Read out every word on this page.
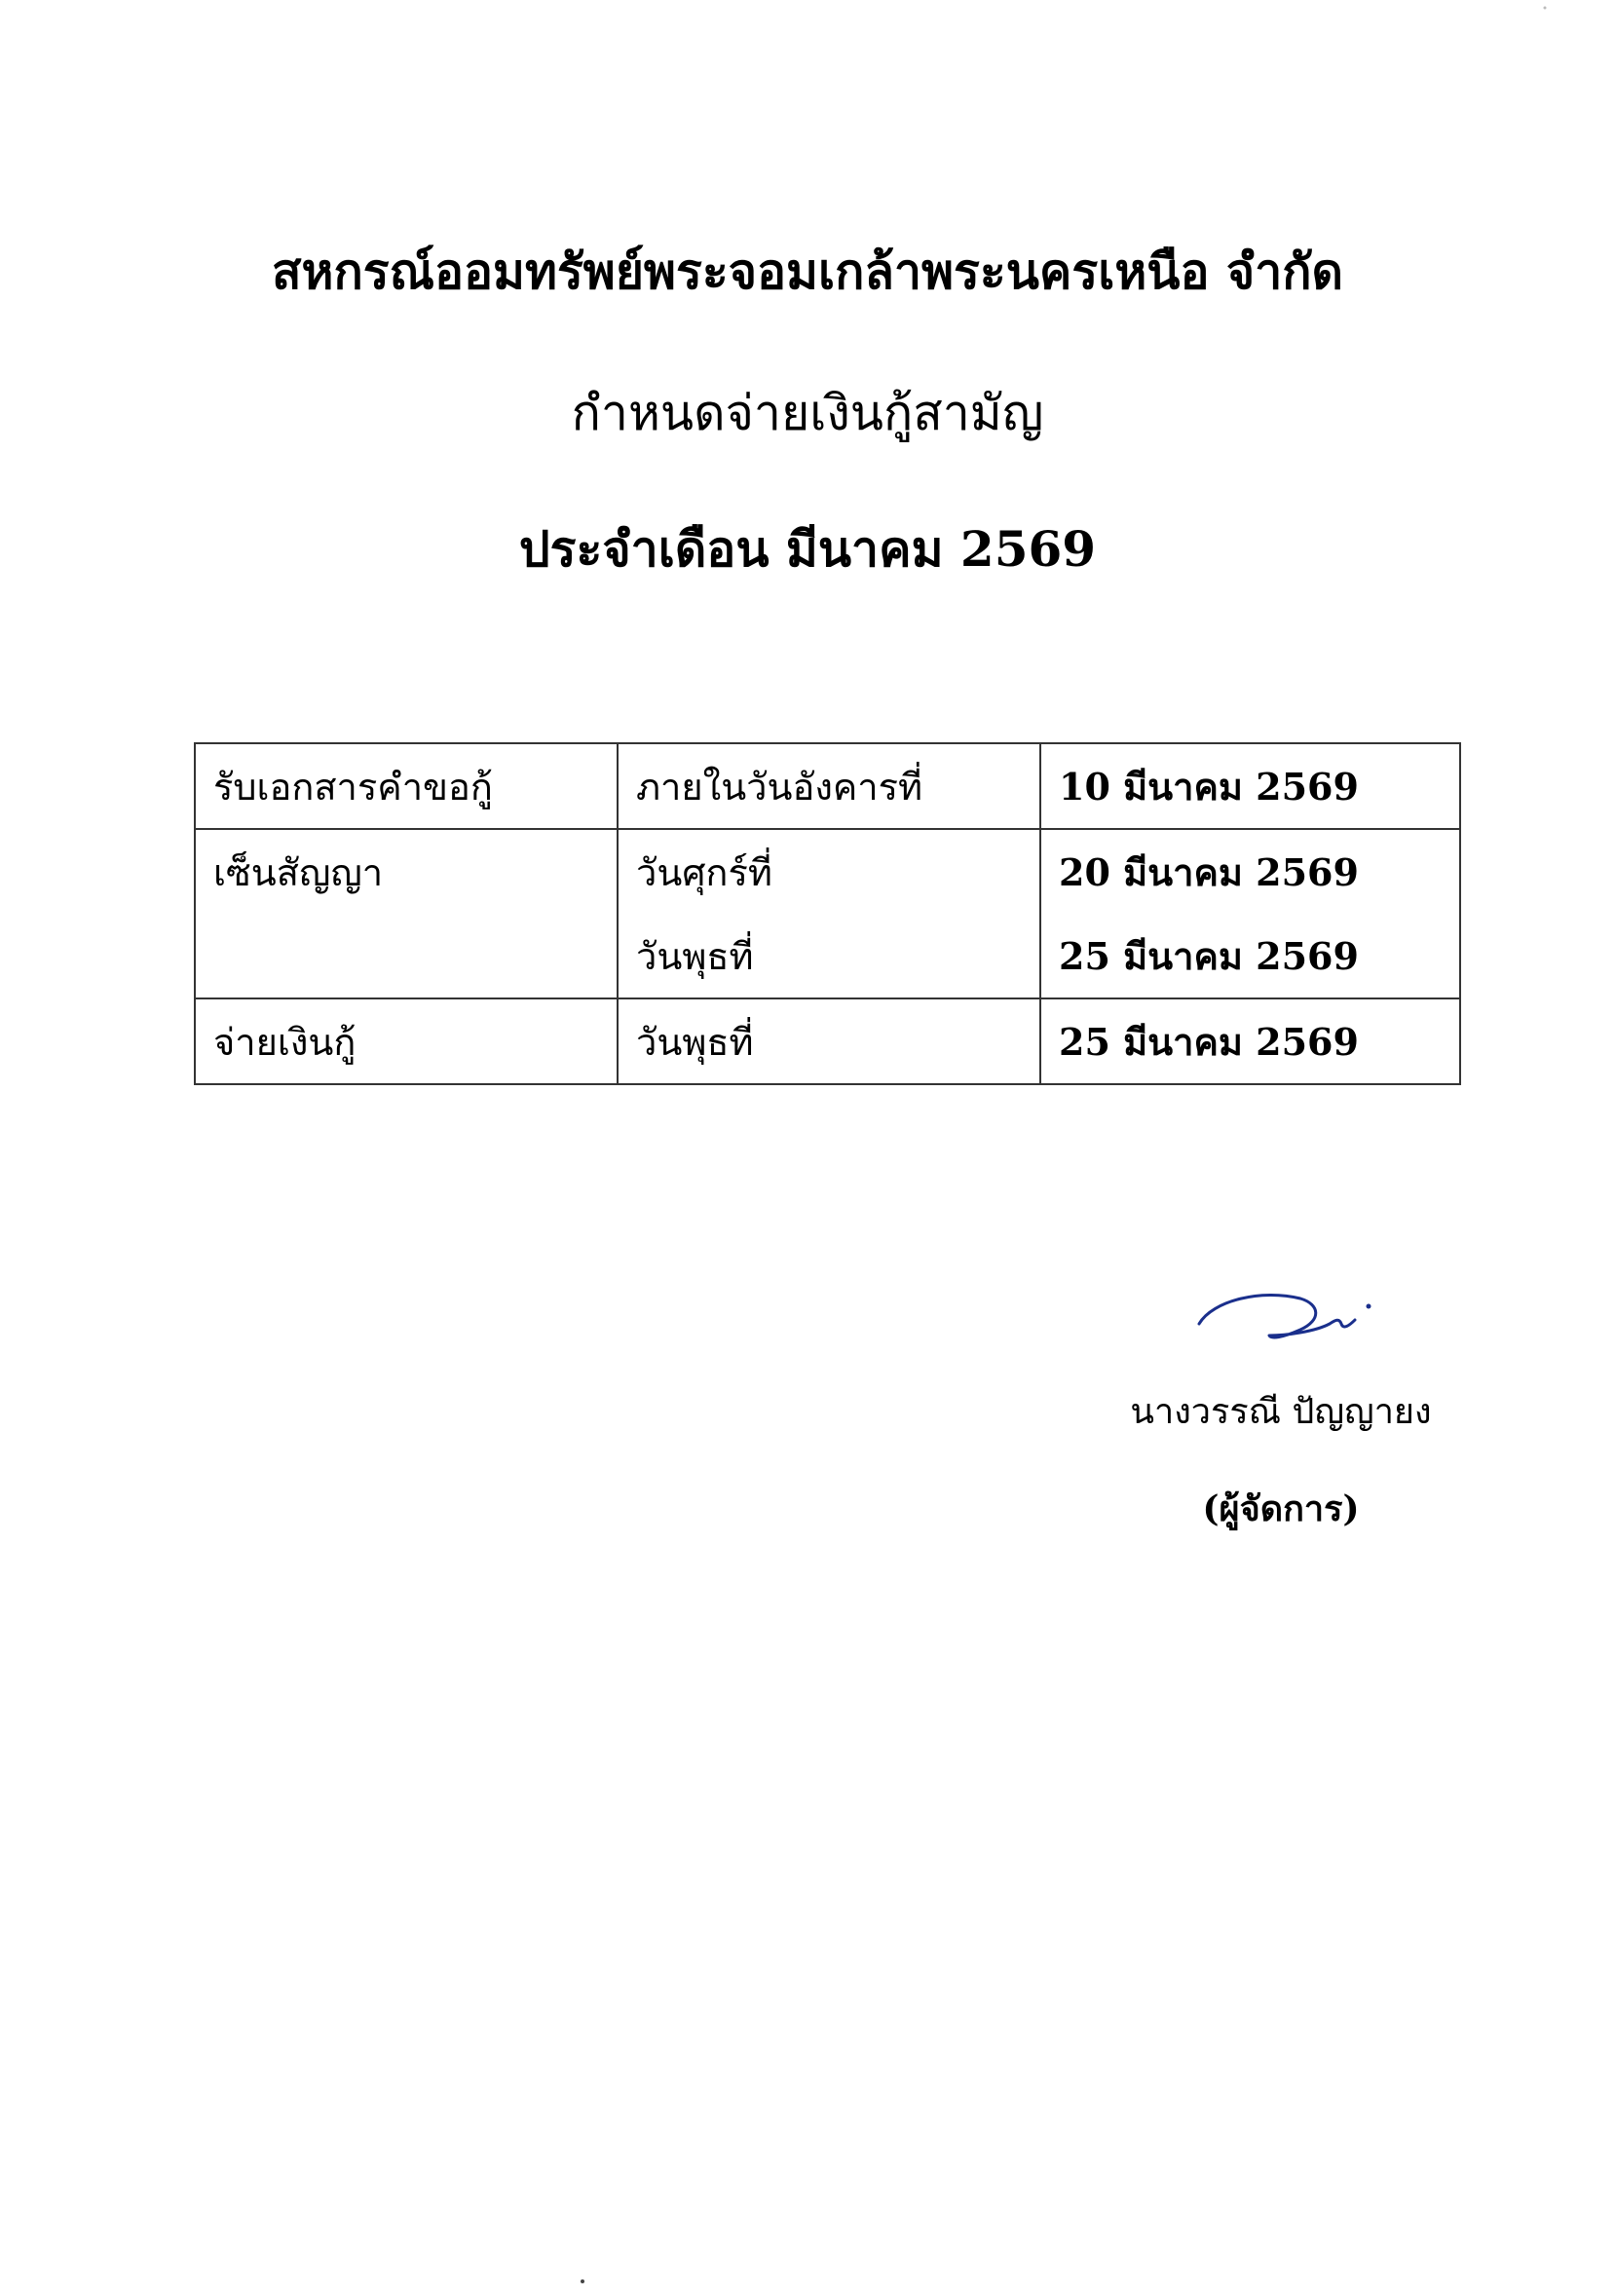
สหกรณ์ออมทรัพย์พระจอมเกล้าพระนครเหนือ จำกัด
กำหนดจ่ายเงินกู้สามัญ
ประจำเดือน มีนาคม 2569
รับเอกสารคำขอกู้	ภายในวันอังคารที่	10 มีนาคม 2569
เซ็นสัญญา	วันศุกร์ที่	20 มีนาคม 2569
	วันพุธที่	25 มีนาคม 2569
จ่ายเงินกู้	วันพุธที่	25 มีนาคม 2569
นางวรรณี ปัญญายง
(ผู้จัดการ)
